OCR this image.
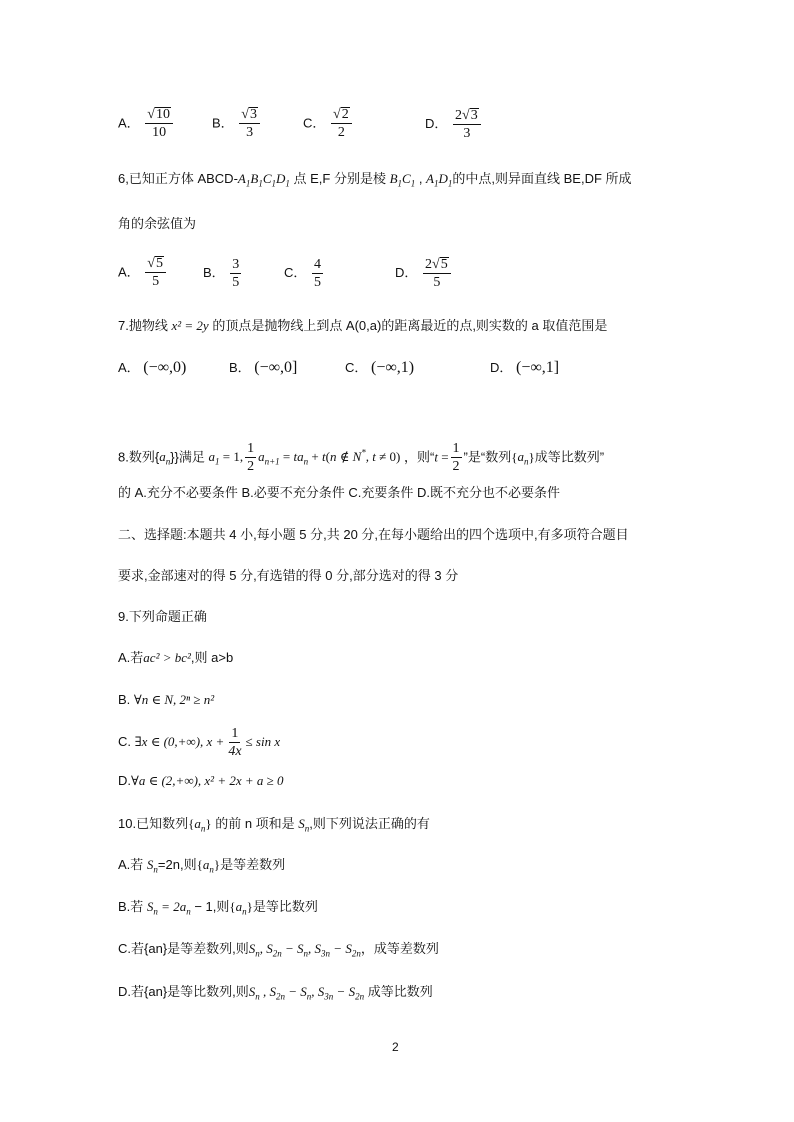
A． $\frac{√ 10}{10}$	B． $\frac{√ 3}{3}$	C． $\frac{√ 2}{2}$	D． $\frac{2 √ 3}{3}$
6,已知正方体 ABCD-$A_1B_1C_1D_1$ 点 E,F 分别是棱 $B_1C_1$ , $A_1D_1$的中点,则异面直线 BE,DF 所成
角的余弦值为
A． $\frac{√ 5}{5}$	B． $\frac{3}{5}$	C． $\frac{4}{5}$	D． $\frac{2 √ 5}{5}$
7.抛物线 x² = 2y 的顶点是抛物线上到点 A(0,a)的距离最近的点,则实数的 a 取值范围是
A． (−∞,0)	B． (−∞,0]	C． (−∞,1)	D． (−∞,1]
8.数列$\{a_n\}$}满足 $a_1 = 1$, $\frac{1}{2} a_{n+1} = ta_n + t(n$ ∉ N*, t ≠ 0) ，则“$t = \frac{1}{2}$ ”是“数列$\{a_n\}$成等比数列”
的 A.充分不必要条件 B.必要不充分条件 C.充要条件 D.既不充分也不必要条件
二、选择题:本题共 4 小,每小题 5 分,共 20 分,在每小题给出的四个选项中,有多项符合题目
要求,金部速对的得 5 分,有选错的得 0 分,部分选对的得 3 分
9.下列命题正确
A.若ac² > bc²,则 a>b
B. ∀n ∈ N, 2ⁿ ≥ n²
C. ∃x ∈ (0,+∞), $x + \frac{1}{4x} \le \sin x$
D.∀a ∈ (2,+∞), x² + 2x + a ≥ 0
10.已知数列$\{a_n\}$ 的前 n 项和是 $S_n$,则下列说法正确的有
A.若 $S_n=2n$,则$\{a_n\}$是等差数列
B.若 $S_n = 2a_n - 1$,则$\{a_n\}$是等比数列
C.若{an}是等差数列,则$S_n$, $S_{2n} - S_n$, $S_{3n} - S_{2n}$，成等差数列
D.若{an}是等比数列,则$S_n$ , $S_{2n} - S_n$, $S_{3n} - S_{2n}$ 成等比数列
2
